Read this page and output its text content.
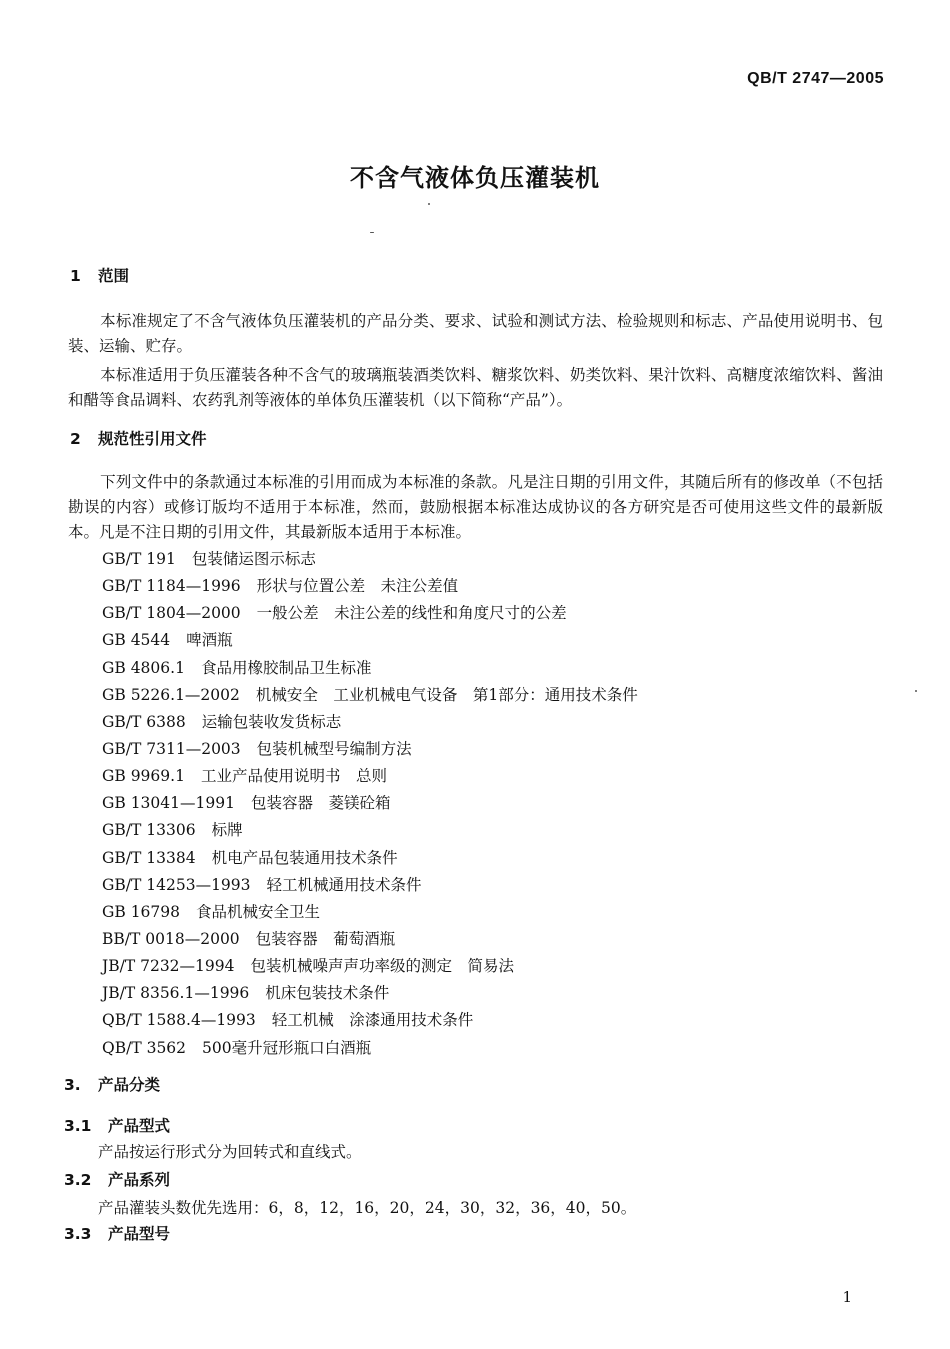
QB/T 2747—2005
不含气液体负压灌装机
1 范围
本标准规定了不含气液体负压灌装机的产品分类、要求、试验和测试方法、检验规则和标志、产品使用说明书、包装、运输、贮存。
本标准适用于负压灌装各种不含气的玻璃瓶装酒类饮料、糖浆饮料、奶类饮料、果汁饮料、高糖度浓缩饮料、酱油和醋等食品调料、农药乳剂等液体的单体负压灌装机（以下简称“产品”）。
2 规范性引用文件
下列文件中的条款通过本标准的引用而成为本标准的条款。凡是注日期的引用文件，其随后所有的修改单（不包括勘误的内容）或修订版均不适用于本标准，然而，鼓励根据本标准达成协议的各方研究是否可使用这些文件的最新版本。凡是不注日期的引用文件，其最新版本适用于本标准。
GB/T 191 包装储运图示标志
GB/T 1184—1996 形状与位置公差　未注公差值
GB/T 1804—2000 一般公差　未注公差的线性和角度尺寸的公差
GB 4544 啤酒瓶
GB 4806.1 食品用橡胶制品卫生标准
GB 5226.1—2002 机械安全　工业机械电气设备　第1部分：通用技术条件
GB/T 6388 运输包装收发货标志
GB/T 7311—2003 包装机械型号编制方法
GB 9969.1 工业产品使用说明书　总则
GB 13041—1991 包装容器　菱镁砼箱
GB/T 13306 标牌
GB/T 13384 机电产品包装通用技术条件
GB/T 14253—1993 轻工机械通用技术条件
GB 16798 食品机械安全卫生
BB/T 0018—2000 包装容器　葡萄酒瓶
JB/T 7232—1994 包装机械噪声声功率级的测定　简易法
JB/T 8356.1—1996 机床包装技术条件
QB/T 1588.4—1993 轻工机械　涂漆通用技术条件
QB/T 3562 500毫升冠形瓶口白酒瓶
3. 产品分类
3.1 产品型式
产品按运行形式分为回转式和直线式。
3.2 产品系列
产品灌装头数优先选用：6，8，12，16，20，24，30，32，36，40，50。
3.3 产品型号
1
